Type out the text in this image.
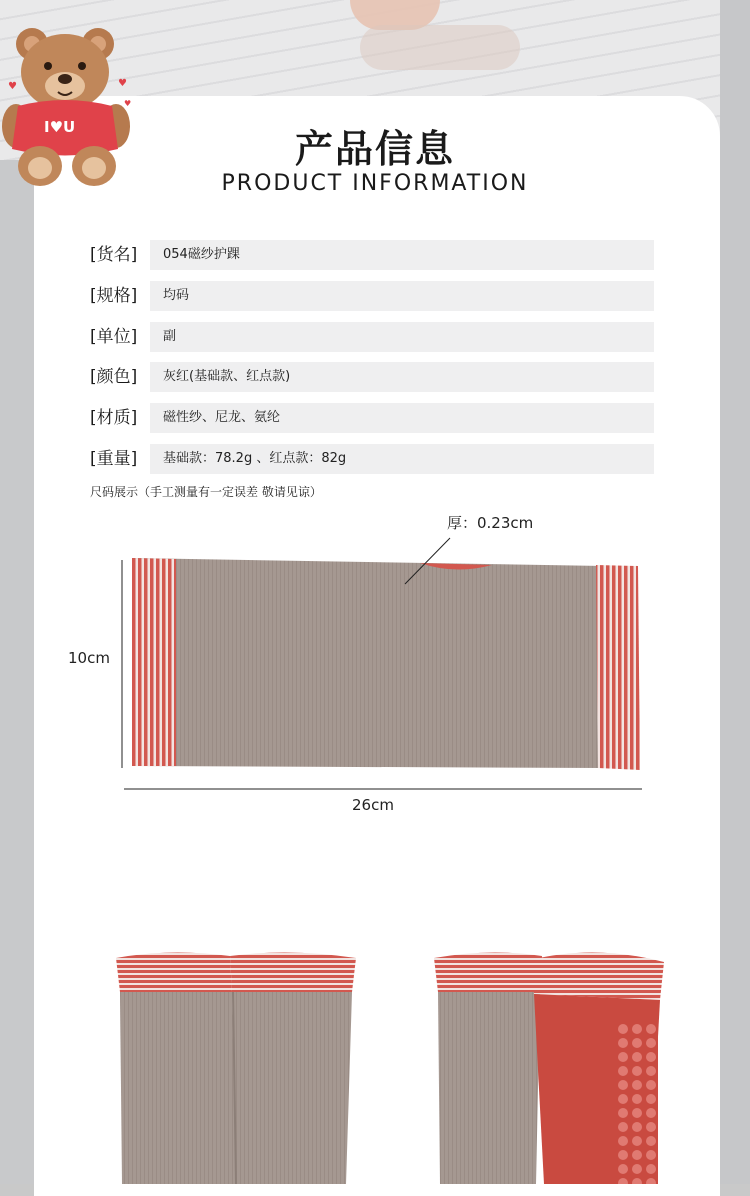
I♥U
♥	♥
♥
产品信息
PRODUCT INFORMATION
[货名]	054磁纱护踝
[规格]	均码
[单位]	副
[颜色]	灰红(基础款、红点款)
[材质]	磁性纱、尼龙、氨纶
[重量]	基础款：78.2g 、红点款：82g
尺码展示（手工测量有一定误差 敬请见谅）
厚：0.23cm
10cm
26cm
